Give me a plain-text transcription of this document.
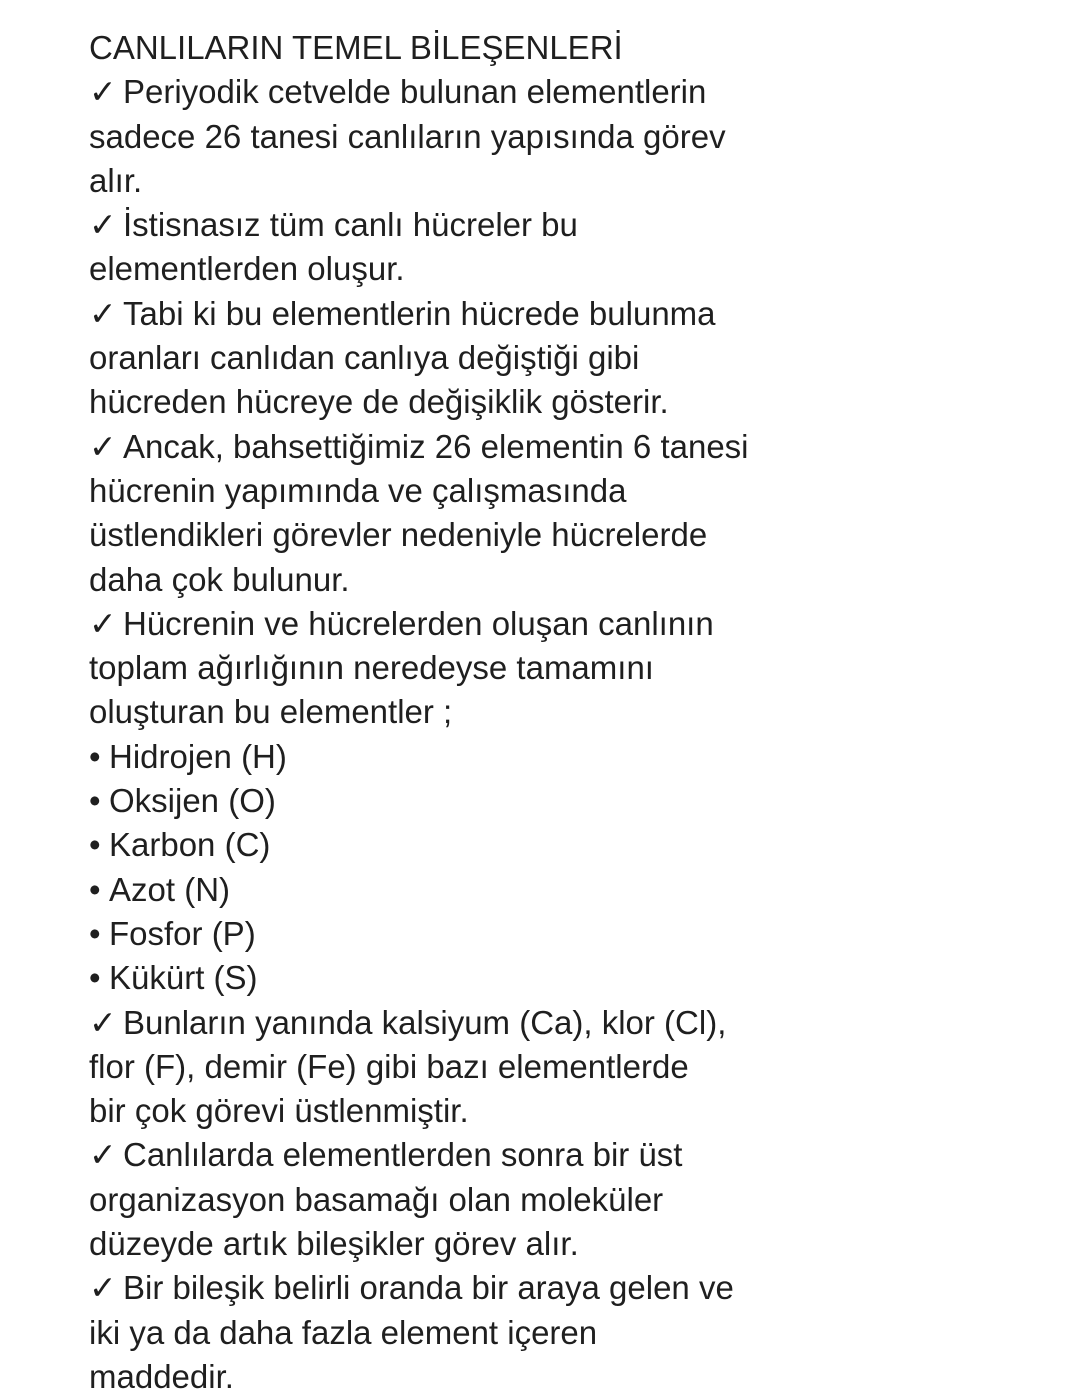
CANLILARIN TEMEL BİLEŞENLERİ
✓ Periyodik cetvelde bulunan elementlerin
sadece 26 tanesi canlıların yapısında görev
alır.
✓ İstisnasız tüm canlı hücreler bu
elementlerden oluşur.
✓ Tabi ki bu elementlerin hücrede bulunma
oranları canlıdan canlıya değiştiği gibi
hücreden hücreye de değişiklik gösterir.
✓ Ancak, bahsettiğimiz 26 elementin 6 tanesi
hücrenin yapımında ve çalışmasında
üstlendikleri görevler nedeniyle hücrelerde
daha çok bulunur.
✓ Hücrenin ve hücrelerden oluşan canlının
toplam ağırlığının neredeyse tamamını
oluşturan bu elementler ;
• Hidrojen (H)
• Oksijen (O)
• Karbon (C)
• Azot (N)
• Fosfor (P)
• Kükürt (S)
✓ Bunların yanında kalsiyum (Ca), klor (Cl),
flor (F), demir (Fe) gibi bazı elementlerde
bir çok görevi üstlenmiştir.
✓ Canlılarda elementlerden sonra bir üst
organizasyon basamağı olan moleküler
düzeyde artık bileşikler görev alır.
✓ Bir bileşik belirli oranda bir araya gelen ve
iki ya da daha fazla element içeren
maddedir.
